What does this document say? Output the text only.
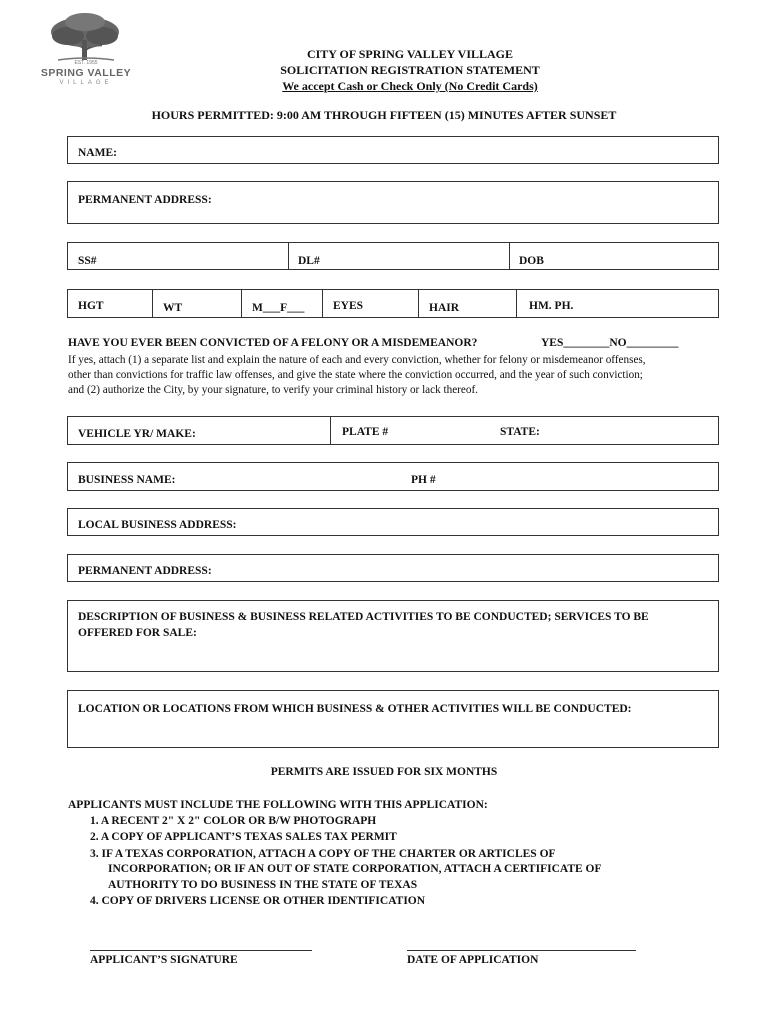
EST. 1955
SPRING VALLEY
VILLAGE
CITY OF SPRING VALLEY VILLAGE
SOLICITATION REGISTRATION STATEMENT
We accept Cash or Check Only (No Credit Cards)
HOURS PERMITTED: 9:00 AM THROUGH FIFTEEN (15) MINUTES AFTER SUNSET
NAME:
PERMANENT ADDRESS:
SS#	DL#	DOB
HGT	WT	M___F___ EYES	HAIR	HM. PH.
HAVE YOU EVER BEEN CONVICTED OF A FELONY OR A MISDEMEANOR?	YES________NO_________
If yes, attach (1) a separate list and explain the nature of each and every conviction, whether for felony or misdemeanor offenses,
other than convictions for traffic law offenses, and give the state where the conviction occurred, and the year of such conviction;
and (2) authorize the City, by your signature, to verify your criminal history or lack thereof.
VEHICLE YR/ MAKE:	PLATE #	STATE:
BUSINESS NAME:	PH #
LOCAL BUSINESS ADDRESS:
PERMANENT ADDRESS:
DESCRIPTION OF BUSINESS & BUSINESS RELATED ACTIVITIES TO BE CONDUCTED; SERVICES TO BE
OFFERED FOR SALE:
LOCATION OR LOCATIONS FROM WHICH BUSINESS & OTHER ACTIVITIES WILL BE CONDUCTED:
PERMITS ARE ISSUED FOR SIX MONTHS
APPLICANTS MUST INCLUDE THE FOLLOWING WITH THIS APPLICATION:
1. A RECENT 2" X 2" COLOR OR B/W PHOTOGRAPH
2. A COPY OF APPLICANT’S TEXAS SALES TAX PERMIT
3. IF A TEXAS CORPORATION, ATTACH A COPY OF THE CHARTER OR ARTICLES OF
INCORPORATION; OR IF AN OUT OF STATE CORPORATION, ATTACH A CERTIFICATE OF
AUTHORITY TO DO BUSINESS IN THE STATE OF TEXAS
4. COPY OF DRIVERS LICENSE OR OTHER IDENTIFICATION
APPLICANT’S SIGNATURE	DATE OF APPLICATION
